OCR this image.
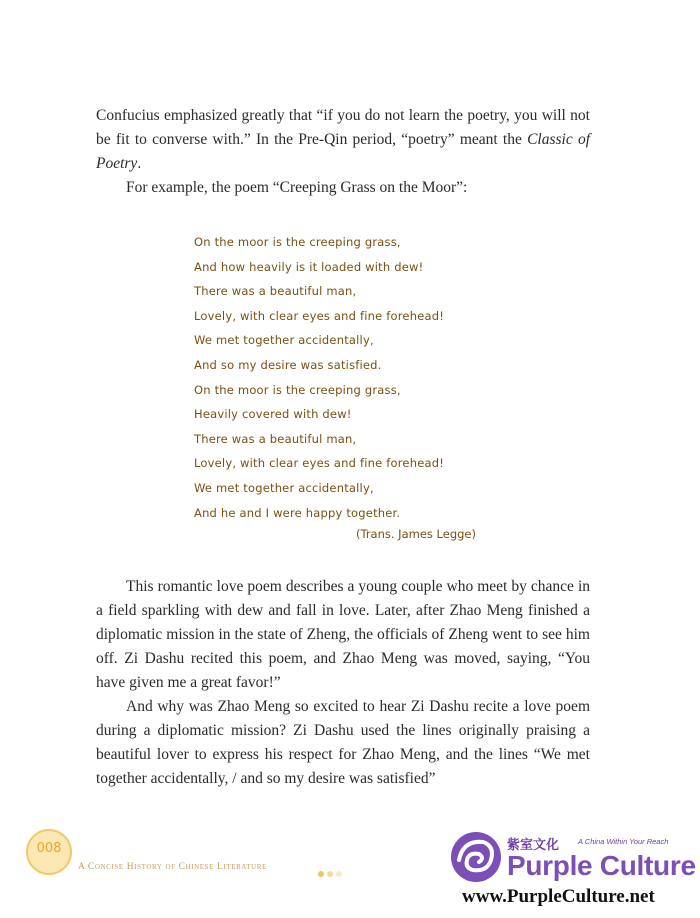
Confucius emphasized greatly that “if you do not learn the poetry, you will not be fit to converse with.” In the Pre-Qin period, “poetry” meant the Classic of Poetry.

For example, the poem “Creeping Grass on the Moor”:

On the moor is the creeping grass,
And how heavily is it loaded with dew!
There was a beautiful man,
Lovely, with clear eyes and fine forehead!
We met together accidentally,
And so my desire was satisfied.
On the moor is the creeping grass,
Heavily covered with dew!
There was a beautiful man,
Lovely, with clear eyes and fine forehead!
We met together accidentally,
And he and I were happy together.
(Trans. James Legge)

This romantic love poem describes a young couple who meet by chance in a field sparkling with dew and fall in love. Later, after Zhao Meng finished a diplomatic mission in the state of Zheng, the officials of Zheng went to see him off. Zi Dashu recited this poem, and Zhao Meng was moved, saying, “You have given me a great favor!”

And why was Zhao Meng so excited to hear Zi Dashu recite a love poem during a diplomatic mission? Zi Dashu used the lines originally praising a beautiful lover to express his respect for Zhao Meng, and the lines “We met together accidentally, / and so my desire was satisfied”

008
A Concise History of Chinese Literature
紫室文化	A China Within Your Reach
Purple Culture
www.PurpleCulture.net
